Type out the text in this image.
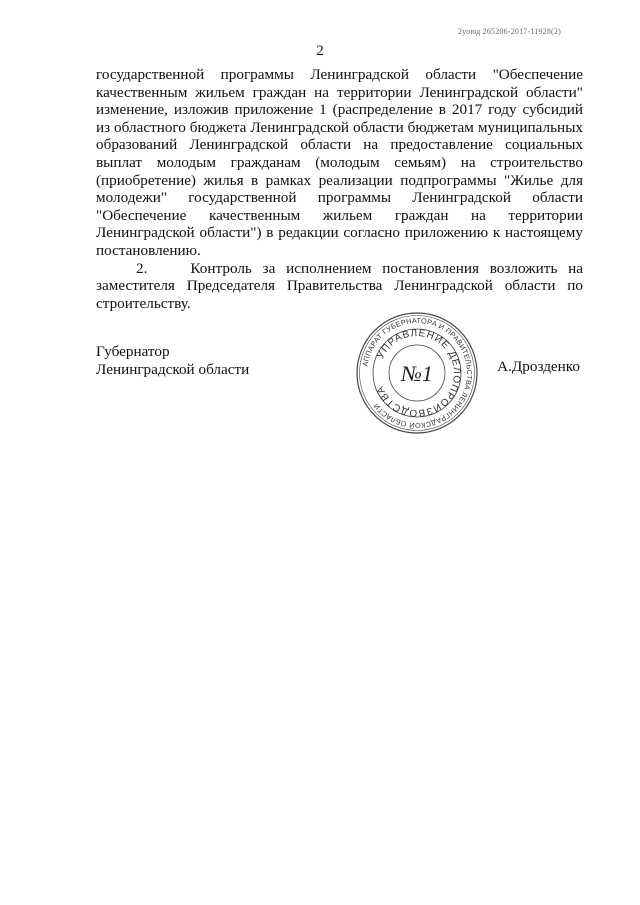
2уоюд 265206-2017-11928(2)
2

государственной программы Ленинградской области "Обеспечение качественным жильем граждан на территории Ленинградской области" изменение, изложив приложение 1 (распределение в 2017 году субсидий из областного бюджета Ленинградской области бюджетам муниципальных образований Ленинградской области на предоставление социальных выплат молодым гражданам (молодым семьям) на строительство (приобретение) жилья в рамках реализации подпрограммы "Жилье для молодежи" государственной программы Ленинградской области "Обеспечение качественным жильем граждан на территории Ленинградской области") в редакции согласно приложению к настоящему постановлению.

2.    Контроль за исполнением постановления возложить на заместителя Председателя Правительства Ленинградской области по строительству.

Губернатор
Ленинградской области	АППАРАТ ГУБЕРНАТОРА И ПРАВИТЕЛЬСТВА ЛЕНИНГРАДСКОЙ ОБЛАСТИ
УПРАВЛЕНИЕ ДЕЛОПРОИЗВОДСТВА
№1	А.Дрозденко
